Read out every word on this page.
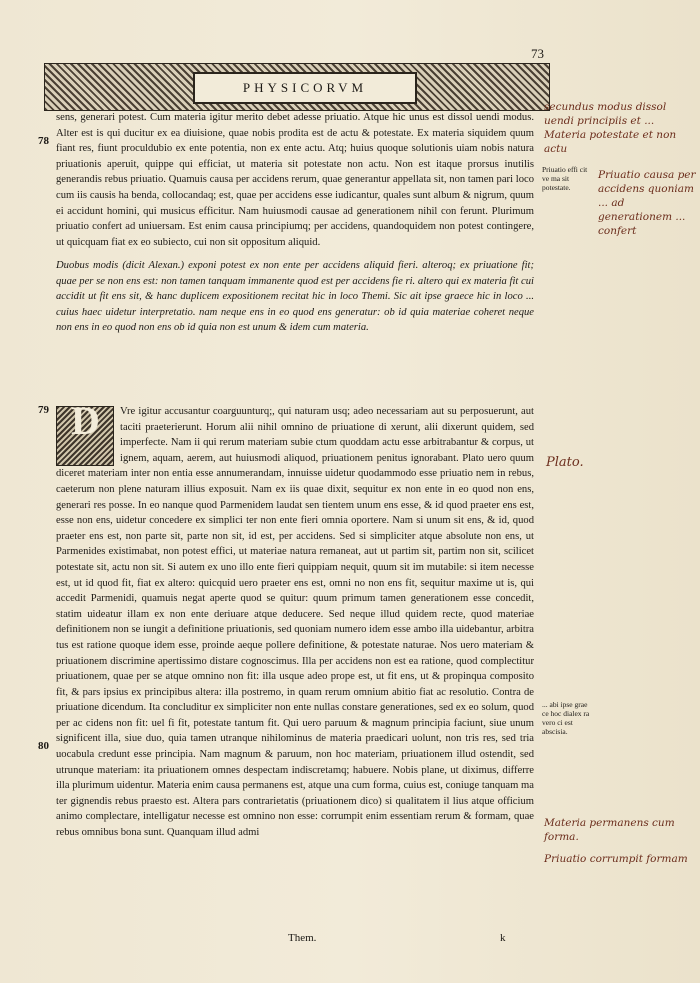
73
PHYSICORVM
78
79
80
sens, generari potest. Cum materia igitur merito debet adesse priuatio. Atque hic unus est dissol uendi modus. Alter est is qui ducitur ex ea diuisione, quae nobis prodita est de actu & potestate. Ex materia siquidem quum fiant res, fiunt proculdubio ex ente potentia, non ex ente actu. Atq; huius quoque solutionis uiam nobis natura priuationis aperuit, quippe qui efficiat, ut materia sit potestate non actu. Non est itaque prorsus inutilis generandis rebus priuatio. Quamuis causa per accidens rerum, quae generantur appellata sit, non tamen pari loco cum iis causis ha benda, collocandaq; est, quae per accidens esse iudicantur, quales sunt album & nigrum, quum ei accidunt homini, qui musicus efficitur. Nam huiusmodi causae ad generationem nihil con ferunt. Plurimum priuatio confert ad uniuersam. Est enim causa principiumq; per accidens, quandoquidem non potest contingere, ut quicquam fiat ex eo subiecto, cui non sit oppositum aliquid.
Duobus modis (dicit Alexan.) exponi potest ex non ente per accidens aliquid fieri. alteroq; ex priuatione fit; quae per se non ens est: non tamen tanquam immanente quod est per accidens fie ri. altero qui ex materia fit cui accidit ut fit ens sit, & hanc duplicem expositionem recitat hic in loco Themi. Sic ait ipse graece hic in loco ... cuius haec uidetur interpretatio. nam neque ens in eo quod ens generatur: ob id quia materiae coheret neque non ens in eo quod non ens ob id quia non est unum & idem cum materia.
D Vre igitur accusantur coarguunturq;, qui naturam usq; adeo necessariam aut su perposuerunt, aut taciti praeterierunt. Horum alii nihil omnino de priuatione di xerunt, alii dixerunt quidem, sed imperfecte. Nam ii qui rerum materiam subie ctum quoddam actu esse arbitrabantur & corpus, ut ignem, aquam, aerem, aut huiusmodi aliquod, priuationem penitus ignorabant. Plato uero quum diceret materiam inter non entia esse annumerandam, innuisse uidetur quodammodo esse priuatio nem in rebus, caeterum non plene naturam illius exposuit. Nam ex iis quae dixit, sequitur ex non ente in eo quod non ens, generari res posse. In eo nanque quod Parmenidem laudat sen tientem unum ens esse, & id quod praeter ens est, esse non ens, uidetur concedere ex simplici ter non ente fieri omnia oportere. Nam si unum sit ens, & id, quod praeter ens est, non parte sit, parte non sit, id est, per accidens. Sed si simpliciter atque absolute non ens, ut Parmenides existimabat, non potest effici, ut materiae natura remaneat, aut ut partim sit, partim non sit, scilicet potestate sit, actu non sit. Si autem ex uno illo ente fieri quippiam nequit, quum sit im mutabile: si item necesse est, ut id quod fit, fiat ex altero: quicquid uero praeter ens est, omni no non ens fit, sequitur maxime ut is, qui accedit Parmenidi, quamuis negat aperte quod se quitur: quum primum tamen generationem esse concedit, statim uideatur illam ex non ente deriuare atque deducere. Sed neque illud quidem recte, quod materiae definitionem non se iungit a definitione priuationis, sed quoniam numero idem esse ambo illa uidebantur, arbitra tus est ratione quoque idem esse, proinde aeque pollere definitione, & potestate naturae. Nos uero materiam & priuationem discrimine apertissimo distare cognoscimus. Illa per accidens non est ea ratione, quod complectitur priuationem, quae per se atque omnino non fit: illa usque adeo prope est, ut fit ens, ut & propinqua composito fit, & pars ipsius ex principibus altera: illa postremo, in quam rerum omnium abitio fiat ac resolutio. Contra de priuatione dicendum. Ita concluditur ex simpliciter non ente nullas constare generationes, sed ex eo solum, quod per ac cidens non fit: uel fi fit, potestate tantum fit. Qui uero paruum & magnum principia faciunt, siue unum significent illa, siue duo, quia tamen utranque nihilominus de materia praedicari uolunt, non tris res, sed tria uocabula credunt esse principia. Nam magnum & paruum, non hoc materiam, priuationem illud ostendit, sed utrunque materiam: ita priuationem omnes despectam indiscretamq; habuere. Nobis plane, ut diximus, differre illa plurimum uidentur. Materia enim causa permanens est, atque una cum forma, cuius est, coniuge tanquam ma ter gignendis rebus praesto est. Altera pars contrarietatis (priuationem dico) si qualitatem il lius atque officium animo complectare, intelligatur necesse est omnino non esse: corrumpit enim essentiam rerum & formam, quae rebus omnibus bona sunt. Quanquam illud admi
Priuatio effi cit ve ma sit potestate.
... abi ipse grae ce hoc dialex ra vero ci est abscisia.
secundus modus dissol uendi principiis et ... Materia potestate et non actu
Priuatio causa per accidens quoniam ... ad generationem ... confert
Plato.
Materia permanens cum forma.
Priuatio corrumpit formam
Them.	k
